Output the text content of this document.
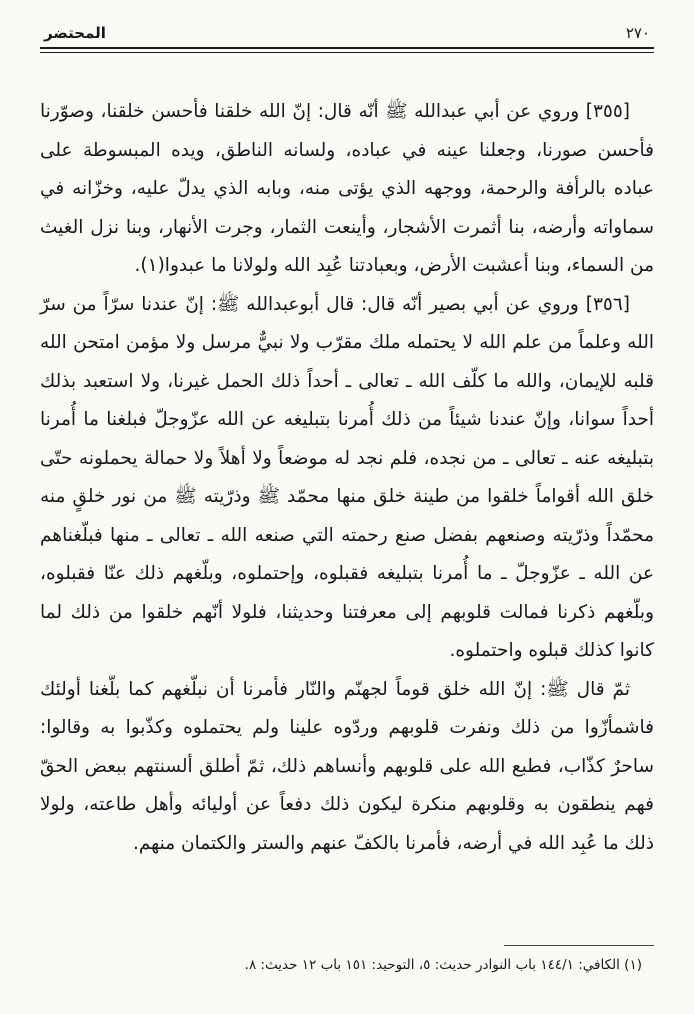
٢٧٠
المحتضر

[٣٥٥] وروي عن أبي عبدالله ﷺ أنّه قال: إنّ الله خلقنا فأحسن خلقنا، وصوّرنا فأحسن صورنا، وجعلنا عينه في عباده، ولسانه الناطق، ويده المبسوطة على عباده بالرأفة والرحمة، ووجهه الذي يؤتى منه، وبابه الذي يدلّ عليه، وخزّانه في سماواته وأرضه، بنا أثمرت الأشجار، وأينعت الثمار، وجرت الأنهار، وبنا نزل الغيث من السماء، وبنا أعشبت الأرض، وبعبادتنا عُبِد الله ولولانا ما عبدوا(١).

[٣٥٦] وروي عن أبي بصير أنّه قال: قال أبوعبدالله ﷺ: إنّ عندنا سرّاً من سرّ الله وعلماً من علم الله لا يحتمله ملك مقرّب ولا نبيٌّ مرسل ولا مؤمن امتحن الله قلبه للإيمان، والله ما كلّف الله ـ تعالى ـ أحداً ذلك الحمل غيرنا، ولا استعبد بذلك أحداً سوانا، وإنّ عندنا شيئاً من ذلك أُمرنا بتبليغه عن الله عزّوجلّ فبلغنا ما أُمرنا بتبليغه عنه ـ تعالى ـ من نجده، فلم نجد له موضعاً ولا أهلاً ولا حمالة يحملونه حتّى خلق الله أقواماً خلقوا من طينة خلق منها محمّد ﷺ وذرّيته ﷺ من نور خلقٍ منه محمّداً وذرّيته وصنعهم بفضل صنع رحمته التي صنعه الله ـ تعالى ـ منها فبلّغناهم عن الله ـ عزّوجلّ ـ ما أُمرنا بتبليغه فقبلوه، وإحتملوه، وبلّغهم ذلك عنّا فقبلوه، وبلّغهم ذكرنا فمالت قلوبهم إلى معرفتنا وحديثنا، فلولا أنّهم خلقوا من ذلك لما كانوا كذلك قبلوه واحتملوه.

ثمّ قال ﷺ: إنّ الله خلق قوماً لجهنّم والنّار فأمرنا أن نبلّغهم كما بلّغنا أولئك فاشمأزّوا من ذلك ونفرت قلوبهم وردّوه علينا ولم يحتملوه وكذّبوا به وقالوا: ساحرٌ كذّاب، فطبع الله على قلوبهم وأنساهم ذلك، ثمّ أطلق ألسنتهم ببعض الحقّ فهم ينطقون به وقلوبهم منكرة ليكون ذلك دفعاً عن أوليائه وأهل طاعته، ولولا ذلك ما عُبِد الله في أرضه، فأمرنا بالكفّ عنهم والستر والكتمان منهم.

(١) الكافي: ١٤٤/١ باب النوادر حديث: ٥، التوحيد: ١٥١ باب ١٢ حديث: ٨.
